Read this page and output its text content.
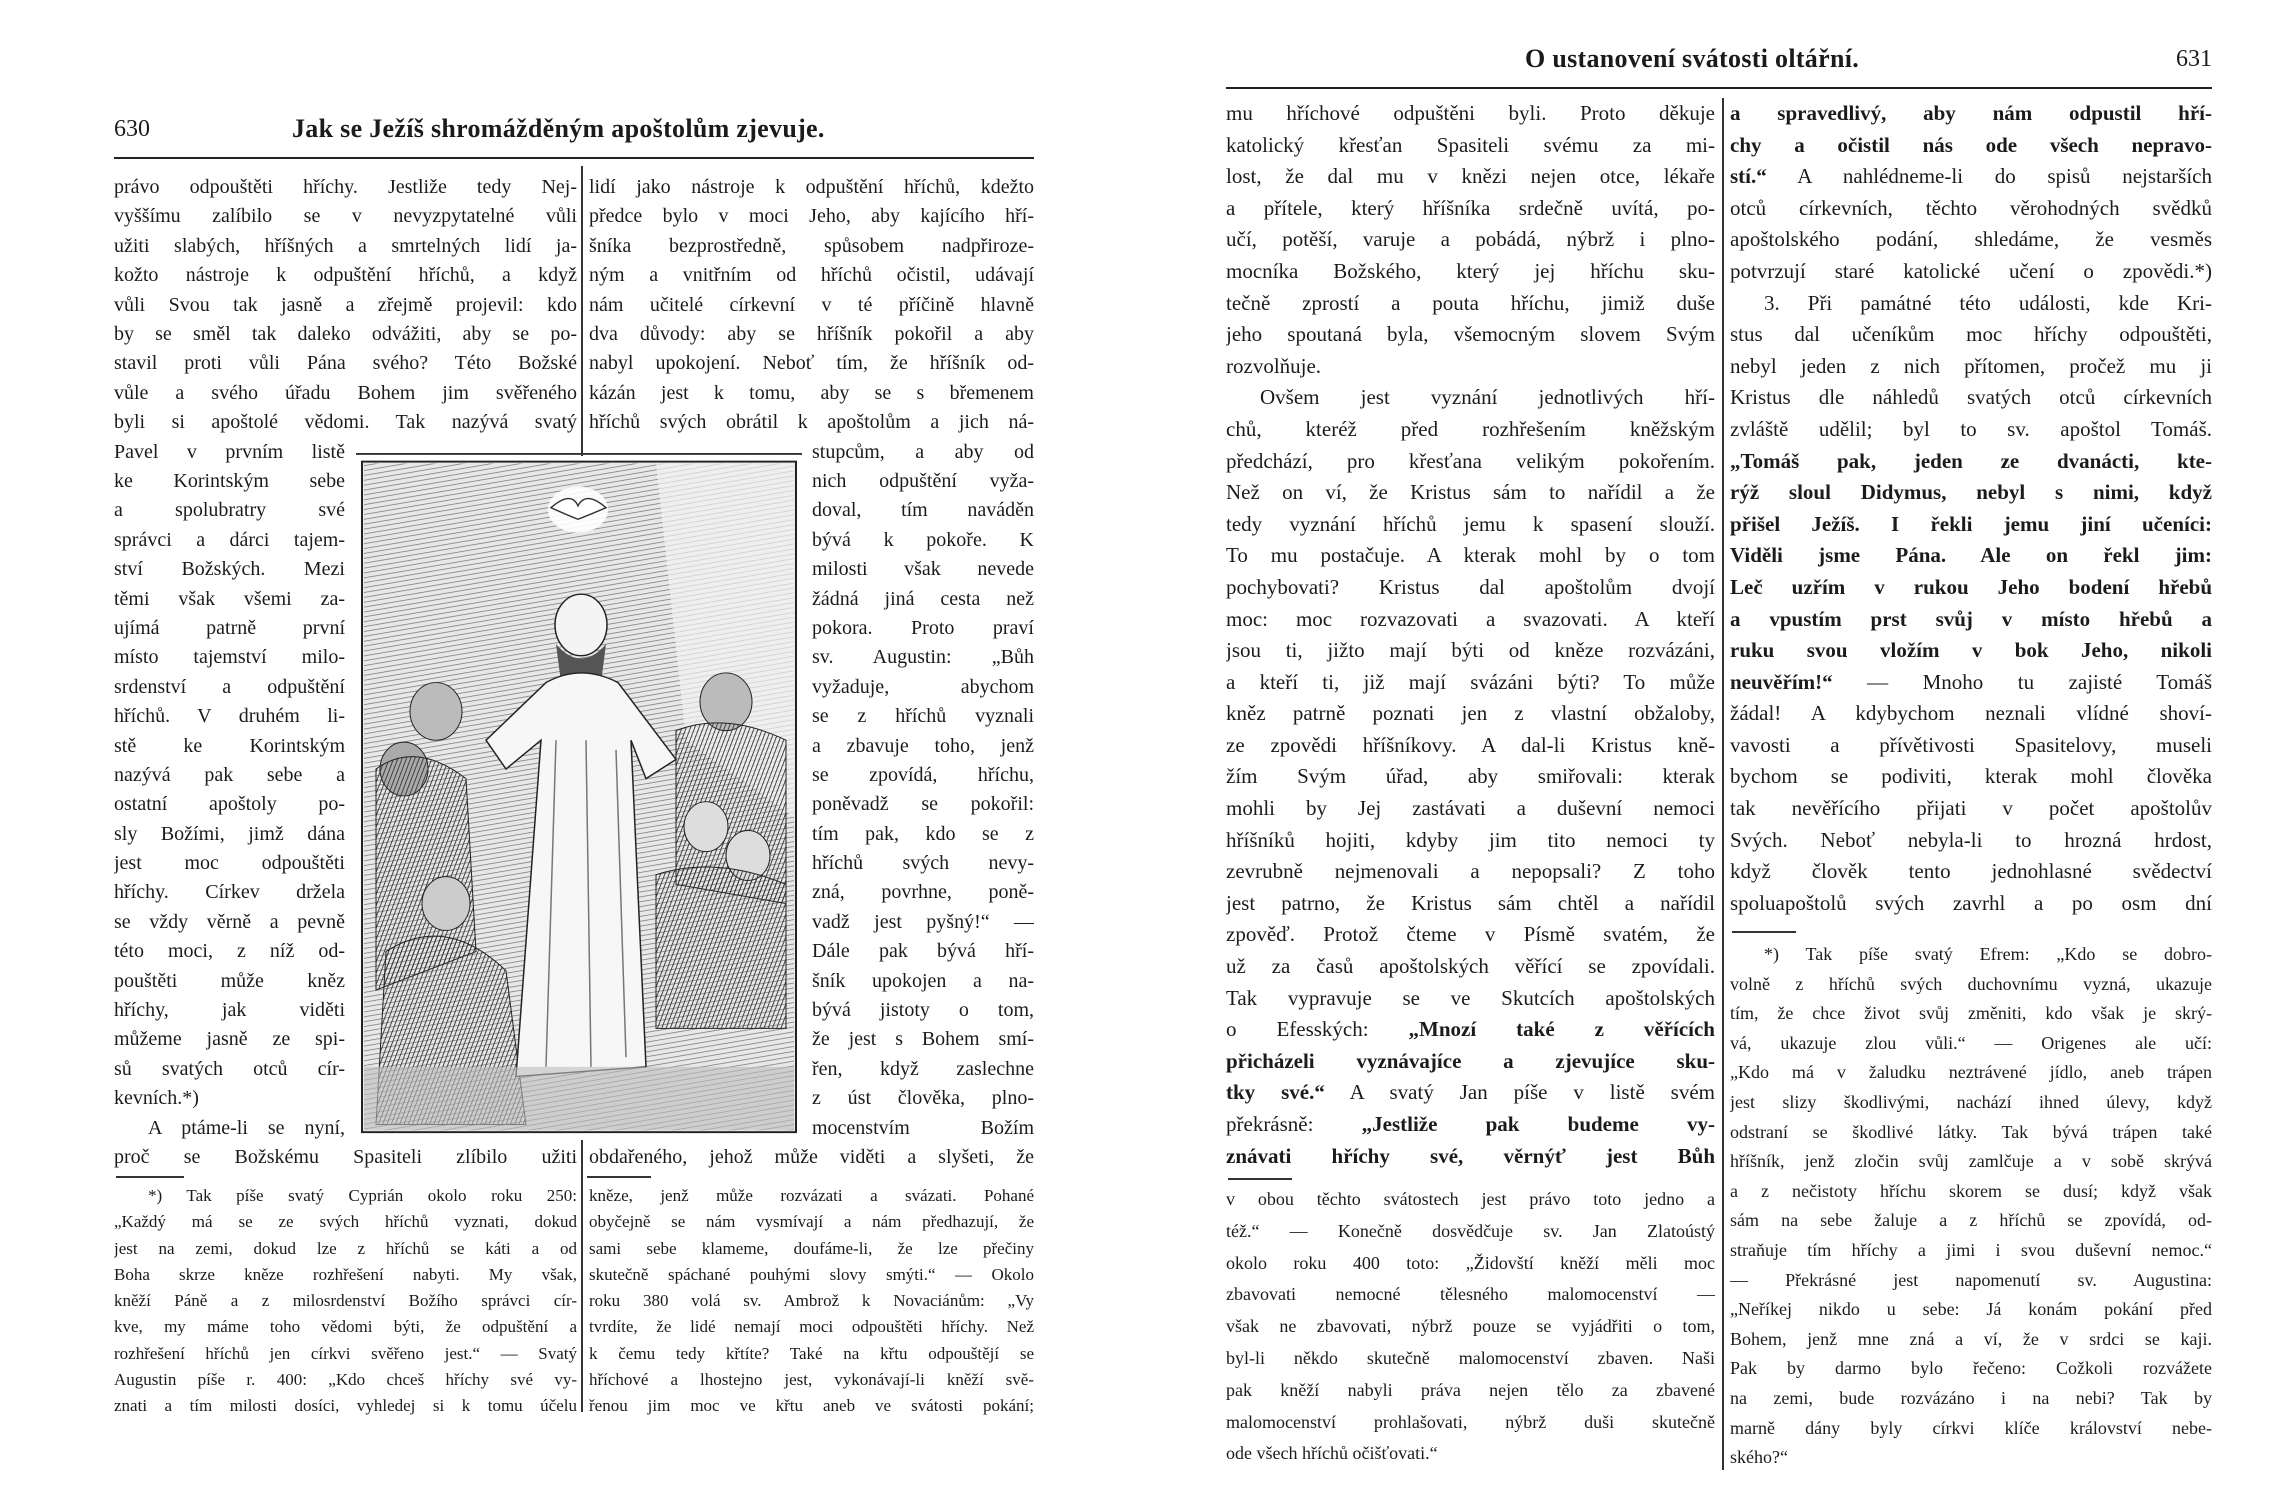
630	Jak se Ježíš shromážděným apoštolům zjevuje.
právo odpouštěti hříchy. Jestliže tedy Nej-
vyššímu zalíbilo se v nevyzpytatelné vůli
užiti slabých, hříšných a smrtelných lidí ja-
kožto nástroje k odpuštění hříchů, a když
vůli Svou tak jasně a zřejmě projevil: kdo
by se směl tak daleko odvážiti, aby se po-
stavil proti vůli Pána svého? Této Božské
vůle a svého úřadu Bohem jim svěřeného
byli si apoštolé vědomi. Tak nazývá svatý
Pavel v prvním listě
ke Korintským sebe
a spolubratry své
správci a dárci tajem-
ství Božských. Mezi
těmi však všemi za-
ujímá patrně první
místo tajemství milo-
srdenství a odpuštění
hříchů. V druhém li-
stě ke Korintským
nazývá pak sebe a
ostatní apoštoly po-
sly Božími, jimž dána
jest moc odpouštěti
hříchy. Církev držela
se vždy věrně a pevně
této moci, z níž od-
pouštěti může kněz
hříchy, jak viděti
můžeme jasně ze spi-
sů svatých otců cír-
kevních.*)
A ptáme-li se nyní,
proč se Božskému Spasiteli zlíbilo užiti
lidí jako nástroje k odpuštění hříchů, kdežto
předce bylo v moci Jeho, aby kajícího hří-
šníka bezprostředně, spůsobem nadpřiroze-
ným a vnitřním od hříchů očistil, udávají
nám učitelé církevní v té příčině hlavně
dva důvody: aby se hříšník pokořil a aby
nabyl upokojení. Neboť tím, že hříšník od-
kázán jest k tomu, aby se s břemenem
hříchů svých obrátil k apoštolům a jich ná-
stupcům, a aby od
nich odpuštění vyža-
doval, tím naváděn
bývá k pokoře. K
milosti však nevede
žádná jiná cesta než
pokora. Proto praví
sv. Augustin: „Bůh
vyžaduje, abychom
se z hříchů vyznali
a zbavuje toho, jenž
se zpovídá, hříchu,
poněvadž se pokořil:
tím pak, kdo se z
hříchů svých nevy-
zná, povrhne, poně-
vadž jest pyšný!“ —
Dále pak bývá hří-
šník upokojen a na-
bývá jistoty o tom,
že jest s Bohem smí-
řen, když zaslechne
z úst člověka, plno-
mocenstvím Božím
obdařeného, jehož může viděti a slyšeti, že
*) Tak píše svatý Cyprián okolo roku 250:
„Každý má se ze svých hříchů vyznati, dokud
jest na zemi, dokud lze z hříchů se káti a od
Boha skrze kněze rozhřešení nabyti. My však,
kněží Páně a z milosrdenství Božího správci cír-
kve, my máme toho vědomi býti, že odpuštění a
rozhřešení hříchů jen církvi svěřeno jest.“ — Svatý
Augustin píše r. 400: „Kdo chceš hříchy své vy-
znati a tím milosti dosíci, vyhledej si k tomu účelu
kněze, jenž může rozvázati a svázati. Pohané
obyčejně se nám vysmívají a nám předhazují, že
sami sebe klameme, doufáme-li, že lze přečiny
skutečně spáchané pouhými slovy smýti.“ — Okolo
roku 380 volá sv. Ambrož k Novaciánům: „Vy
tvrdíte, že lidé nemají moci odpouštěti hříchy. Než
k čemu tedy křtíte? Také na křtu odpouštějí se
hříchové a lhostejno jest, vykonávají-li kněží svě-
řenou jim moc ve křtu aneb ve svátosti pokání;
O ustanovení svátosti oltářní.	631
mu hříchové odpuštěni byli. Proto děkuje
katolický křesťan Spasiteli svému za mi-
lost, že dal mu v knězi nejen otce, lékaře
a přítele, který hříšníka srdečně uvítá, po-
učí, potěší, varuje a pobádá, nýbrž i plno-
mocníka Božského, který jej hříchu sku-
tečně zprostí a pouta hříchu, jimiž duše
jeho spoutaná byla, všemocným slovem Svým
rozvolňuje.
Ovšem jest vyznání jednotlivých hří-
chů, kteréž před rozhřešením kněžským
předchází, pro křesťana velikým pokořením.
Než on ví, že Kristus sám to nařídil a že
tedy vyznání hříchů jemu k spasení slouží.
To mu postačuje. A kterak mohl by o tom
pochybovati? Kristus dal apoštolům dvojí
moc: moc rozvazovati a svazovati. A kteří
jsou ti, jižto mají býti od kněze rozvázáni,
a kteří ti, již mají svázáni býti? To může
kněz patrně poznati jen z vlastní obžaloby,
ze zpovědi hříšníkovy. A dal-li Kristus kně-
žím Svým úřad, aby smiřovali: kterak
mohli by Jej zastávati a duševní nemoci
hříšníků hojiti, kdyby jim tito nemoci ty
zevrubně nejmenovali a nepopsali? Z toho
jest patrno, že Kristus sám chtěl a nařídil
zpověď. Protož čteme v Písmě svatém, že
už za časů apoštolských věřící se zpovídali.
Tak vypravuje se ve Skutcích apoštolských
o Efesských: „Mnozí také z věřících
přicházeli vyznávajíce a zjevujíce sku-
tky své.“ A svatý Jan píše v listě svém
překrásně: „Jestliže pak budeme vy-
znávati hříchy své, věrnýť jest Bůh
a spravedlivý, aby nám odpustil hří-
chy a očistil nás ode všech nepravo-
stí.“ A nahlédneme-li do spisů nejstarších
otců církevních, těchto věrohodných svědků
apoštolského podání, shledáme, že vesměs
potvrzují staré katolické učení o zpovědi.*)
3. Při památné této události, kde Kri-
stus dal učeníkům moc hříchy odpouštěti,
nebyl jeden z nich přítomen, pročež mu ji
Kristus dle náhledů svatých otců církevních
zvláště udělil; byl to sv. apoštol Tomáš.
„Tomáš pak, jeden ze dvanácti, kte-
rýž sloul Didymus, nebyl s nimi, když
přišel Ježíš. I řekli jemu jiní učeníci:
Viděli jsme Pána. Ale on řekl jim:
Leč uzřím v rukou Jeho bodení hřebů
a vpustím prst svůj v místo hřebů a
ruku svou vložím v bok Jeho, nikoli
neuvěřím!“ — Mnoho tu zajisté Tomáš
žádal! A kdybychom neznali vlídné shoví-
vavosti a přívětivosti Spasitelovy, museli
bychom se podiviti, kterak mohl člověka
tak nevěřícího přijati v počet apoštolův
Svých. Neboť nebyla-li to hrozná hrdost,
když člověk tento jednohlasné svědectví
spoluapoštolů svých zavrhl a po osm dní
v obou těchto svátostech jest právo toto jedno a
též.“ — Konečně dosvědčuje sv. Jan Zlatoústý
okolo roku 400 toto: „Židovští kněží měli moc
zbavovati nemocné tělesného malomocenství —
však ne zbavovati, nýbrž pouze se vyjádřiti o tom,
byl-li někdo skutečně malomocenství zbaven. Naši
pak kněží nabyli práva nejen tělo za zbavené
malomocenství prohlašovati, nýbrž duši skutečně
ode všech hříchů očišťovati.“
*) Tak píše svatý Efrem: „Kdo se dobro-
volně z hříchů svých duchovnímu vyzná, ukazuje
tím, že chce život svůj změniti, kdo však je skrý-
vá, ukazuje zlou vůli.“ — Origenes ale učí:
„Kdo má v žaludku neztrávené jídlo, aneb trápen
jest slizy škodlivými, nachází ihned úlevy, když
odstraní se škodlivé látky. Tak bývá trápen také
hříšník, jenž zločin svůj zamlčuje a v sobě skrývá
a z nečistoty hříchu skorem se dusí; když však
sám na sebe žaluje a z hříchů se zpovídá, od-
straňuje tím hříchy a jimi i svou duševní nemoc.“
— Překrásné jest napomenutí sv. Augustina:
„Neříkej nikdo u sebe: Já konám pokání před
Bohem, jenž mne zná a ví, že v srdci se kaji.
Pak by darmo bylo řečeno: Cožkoli rozvážete
na zemi, bude rozvázáno i na nebi? Tak by
marně dány byly církvi klíče království nebe-
ského?“
